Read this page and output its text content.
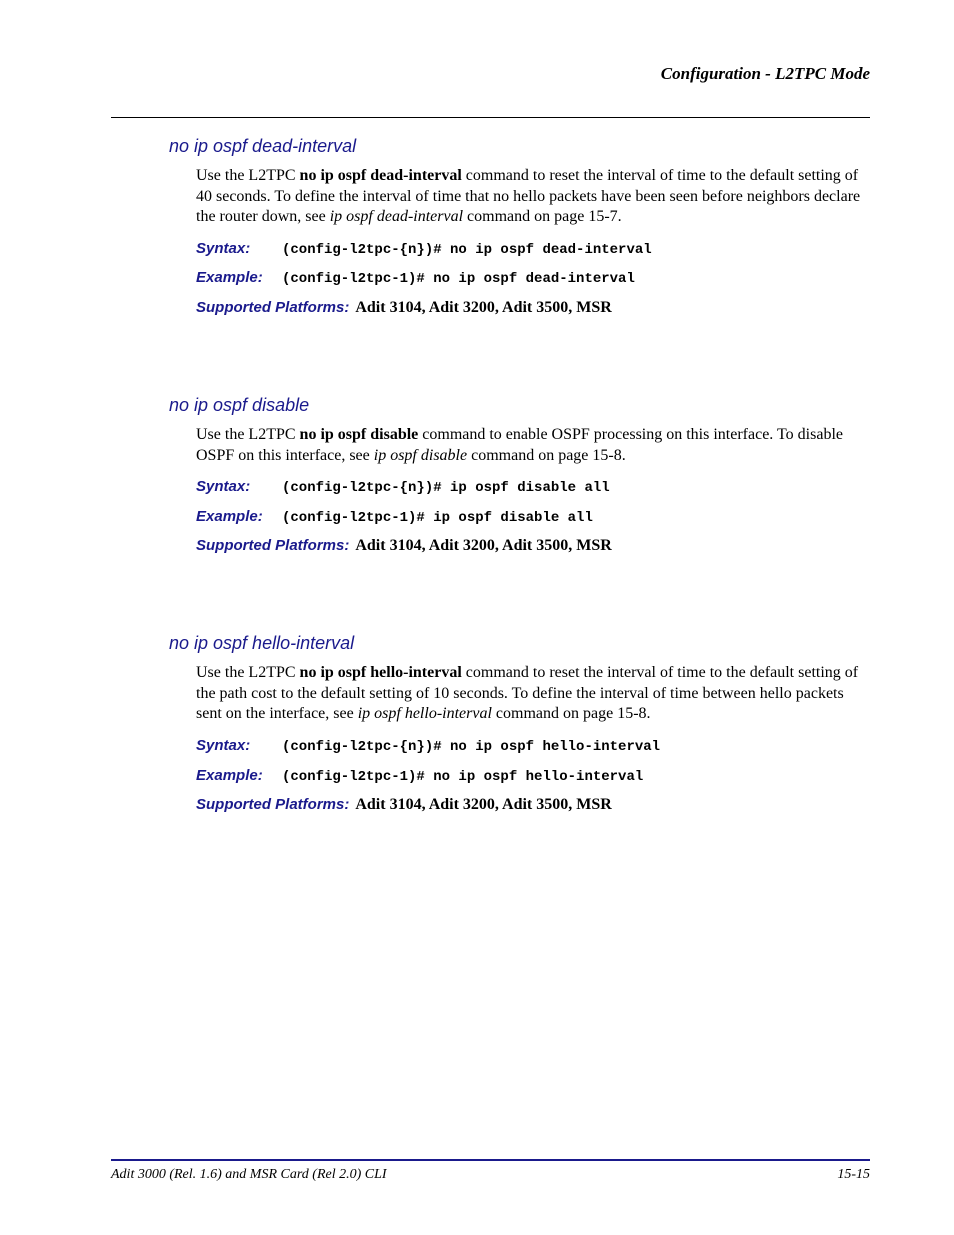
Configuration - L2TPC Mode
no ip ospf dead-interval
Use the L2TPC no ip ospf dead-interval command to reset the interval of time to the default setting of 40 seconds. To define the interval of time that no hello packets have been seen before neighbors declare the router down, see ip ospf dead-interval command on page 15-7.
Syntax: (config-l2tpc-{n})# no ip ospf dead-interval
Example: (config-l2tpc-1)# no ip ospf dead-interval
Supported Platforms: Adit 3104, Adit 3200, Adit 3500, MSR
no ip ospf disable
Use the L2TPC no ip ospf disable command to enable OSPF processing on this interface. To disable OSPF on this interface, see ip ospf disable command on page 15-8.
Syntax: (config-l2tpc-{n})# ip ospf disable all
Example: (config-l2tpc-1)# ip ospf disable all
Supported Platforms: Adit 3104, Adit 3200, Adit 3500, MSR
no ip ospf hello-interval
Use the L2TPC no ip ospf hello-interval command to reset the interval of time to the default setting of the path cost to the default setting of 10 seconds. To define the interval of time between hello packets sent on the interface, see ip ospf hello-interval command on page 15-8.
Syntax: (config-l2tpc-{n})# no ip ospf hello-interval
Example: (config-l2tpc-1)# no ip ospf hello-interval
Supported Platforms: Adit 3104, Adit 3200, Adit 3500, MSR
Adit 3000 (Rel. 1.6) and MSR Card (Rel 2.0) CLI	15-15
